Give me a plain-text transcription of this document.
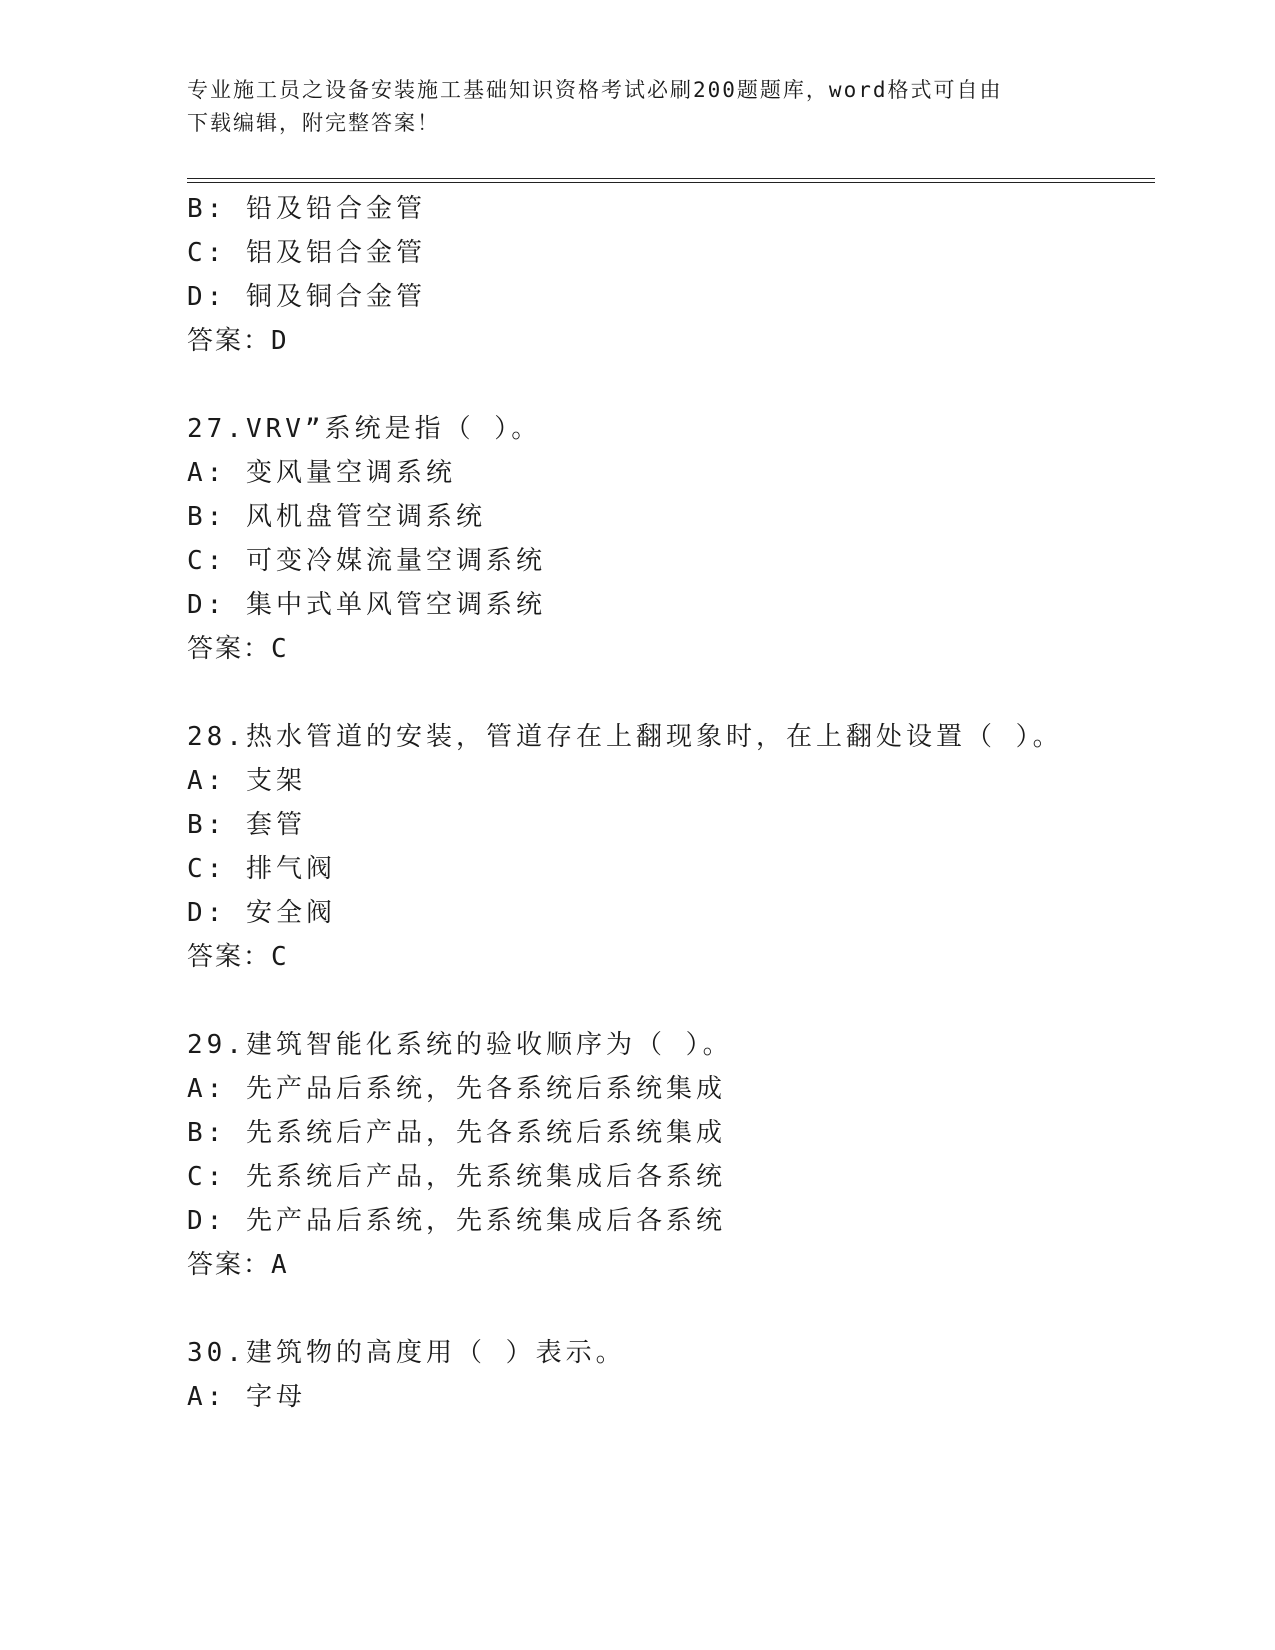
专业施工员之设备安装施工基础知识资格考试必刷200题题库，word格式可自由
下载编辑，附完整答案！
B: 铅及铅合金管
C: 铝及铝合金管
D: 铜及铜合金管
答案：D
27.VRV”系统是指（ ）。
A: 变风量空调系统
B: 风机盘管空调系统
C: 可变冷媒流量空调系统
D: 集中式单风管空调系统
答案：C
28.热水管道的安装，管道存在上翻现象时，在上翻处设置（ ）。
A: 支架
B: 套管
C: 排气阀
D: 安全阀
答案：C
29.建筑智能化系统的验收顺序为（ ）。
A: 先产品后系统，先各系统后系统集成
B: 先系统后产品，先各系统后系统集成
C: 先系统后产品，先系统集成后各系统
D: 先产品后系统，先系统集成后各系统
答案：A
30.建筑物的高度用（ ）表示。
A: 字母
